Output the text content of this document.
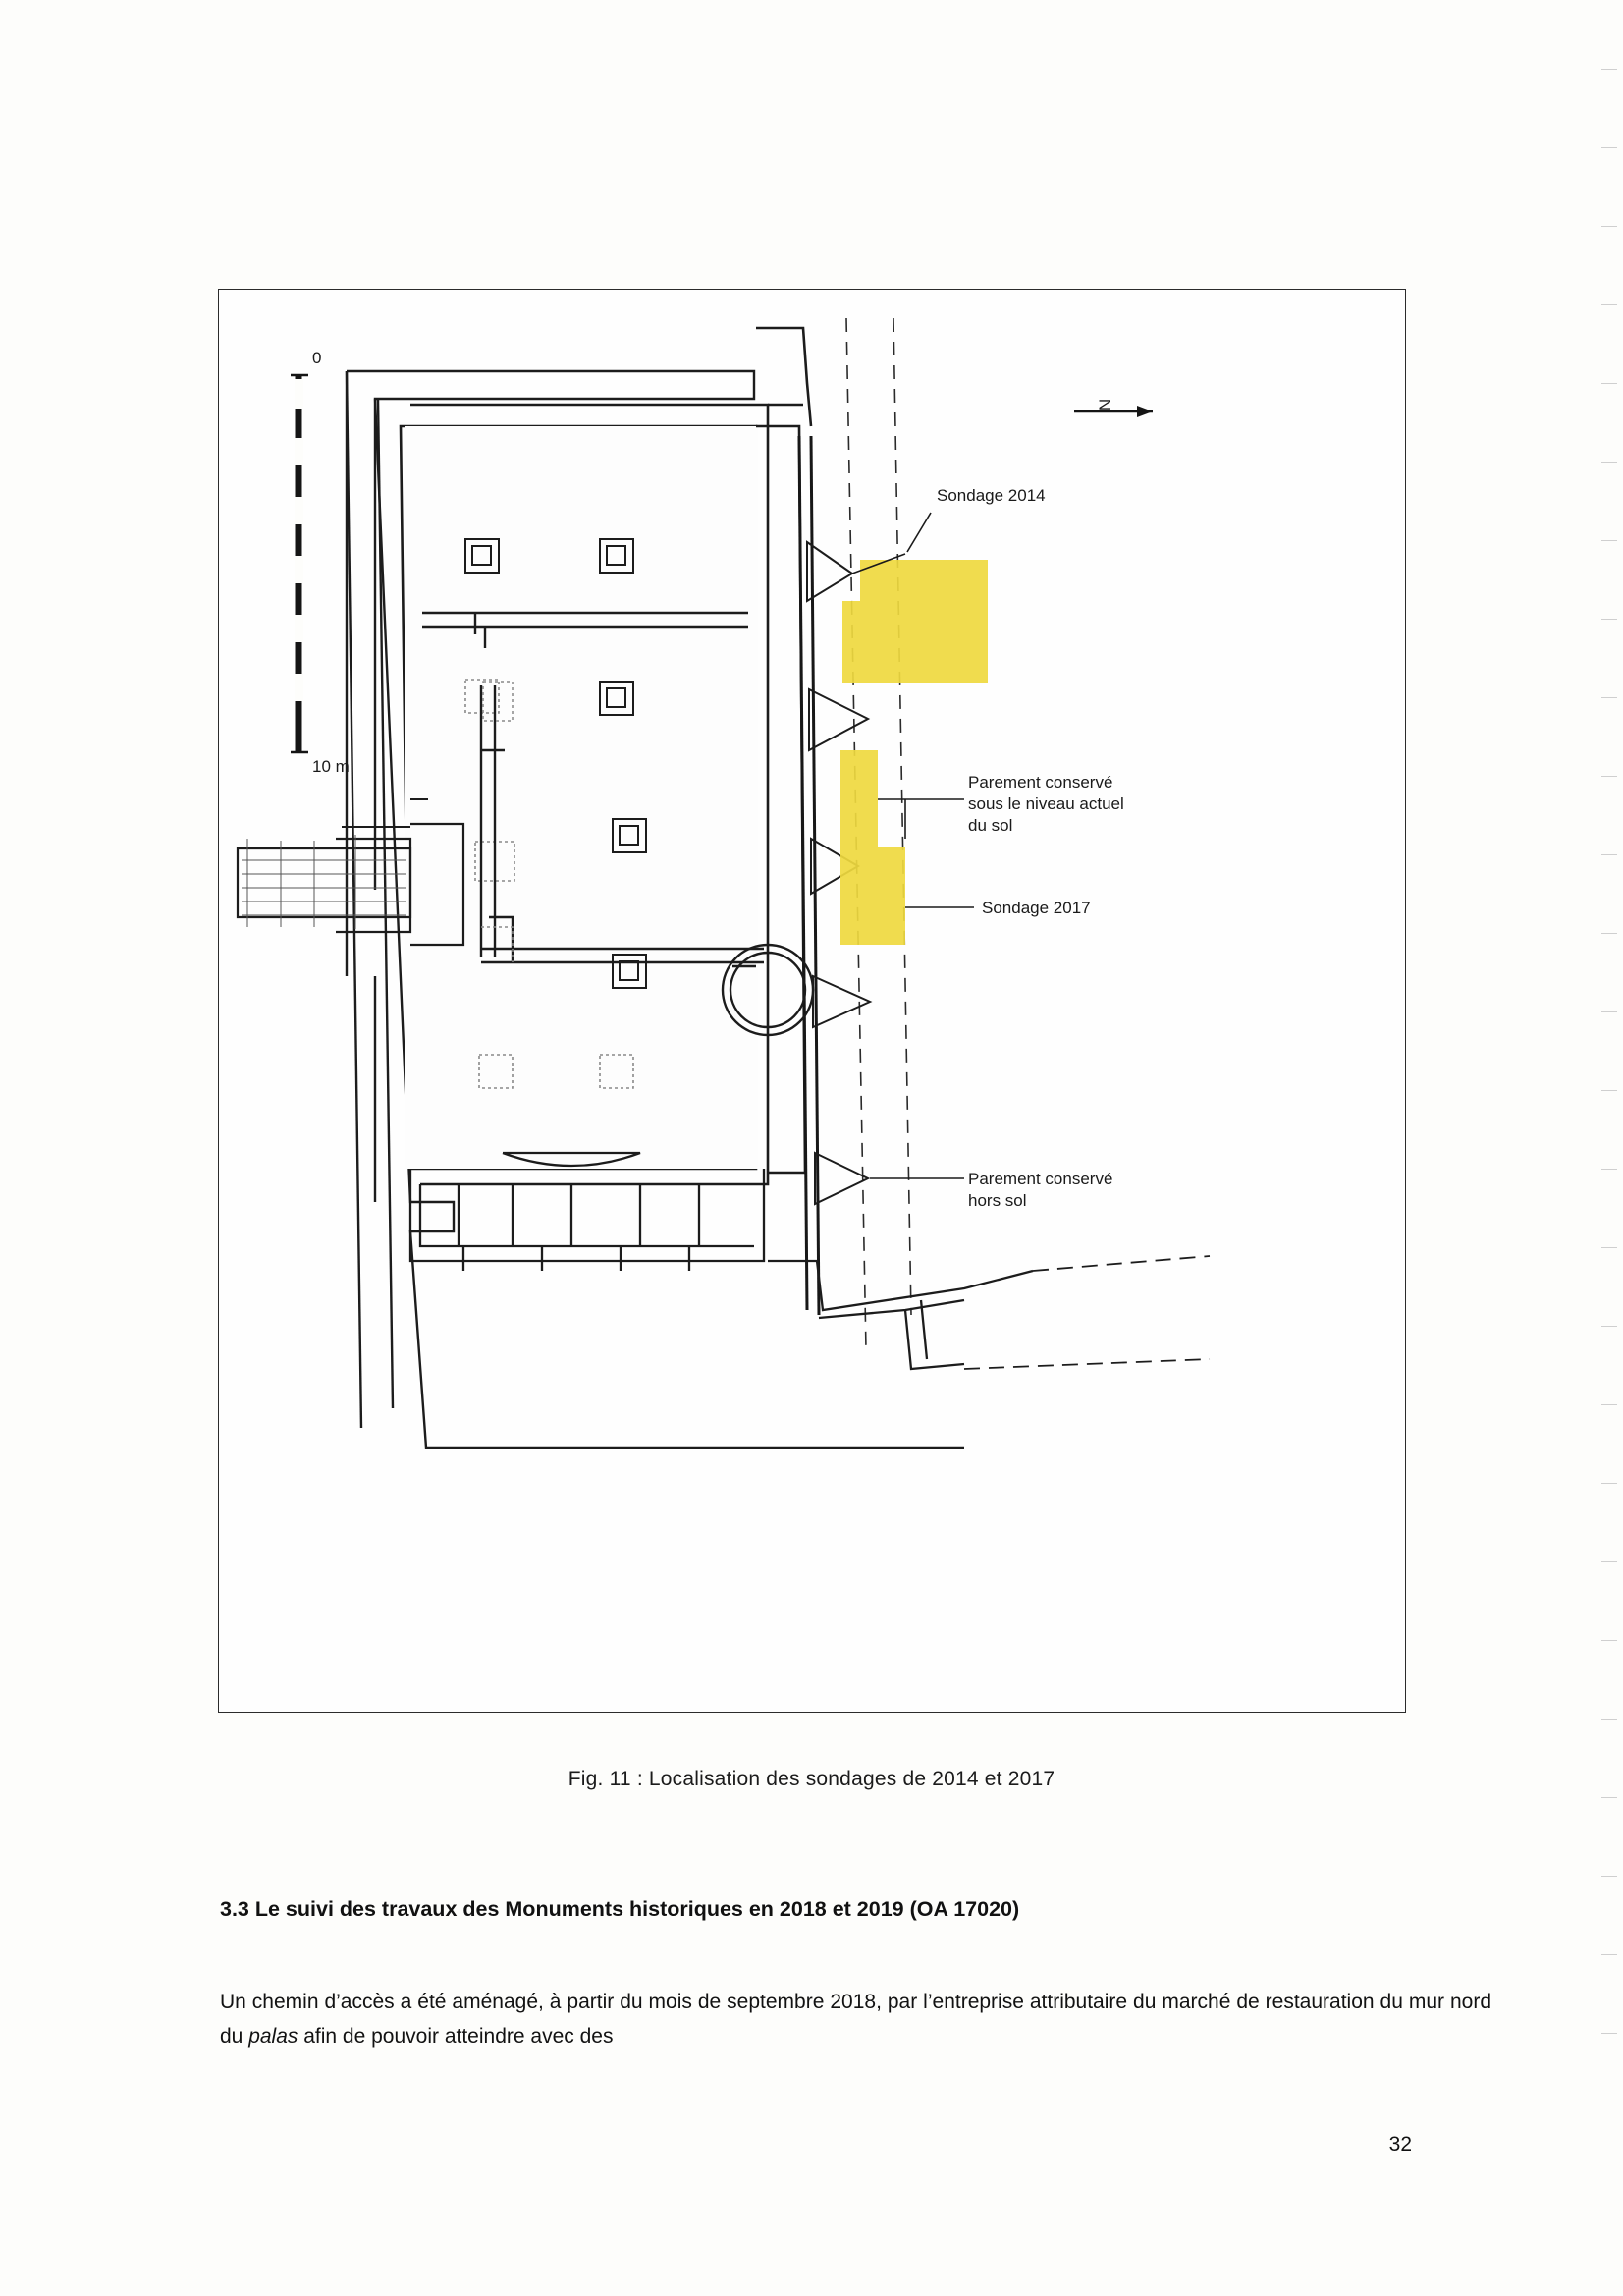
N
Sondage 2014
Parement conservé
sous le niveau actuel
du sol
Sondage 2017
Parement conservé
hors sol
0
10 m
Fig. 11 : Localisation des sondages de 2014 et 2017
3.3 Le suivi des travaux des Monuments historiques en 2018 et 2019 (OA 17020)

Un chemin d’accès a été aménagé, à partir du mois de septembre 2018, par l’entreprise attributaire du marché de restauration du mur nord du palas afin de pouvoir atteindre avec des

32
